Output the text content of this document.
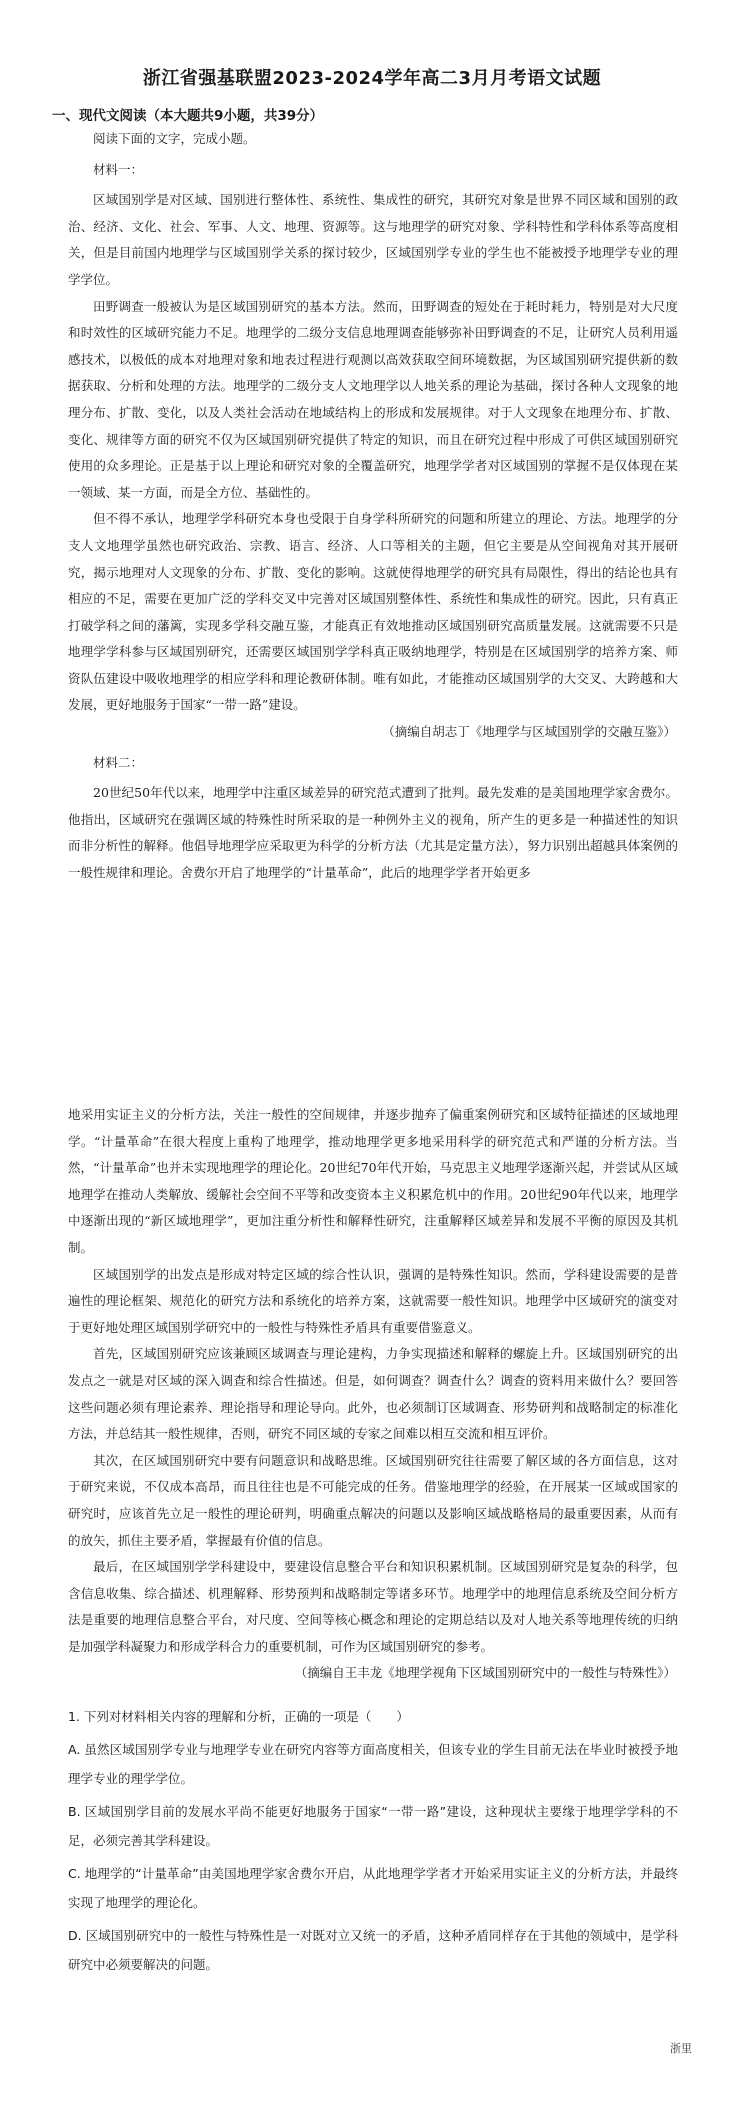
浙江省强基联盟2023-2024学年高二3月月考语文试题
一、现代文阅读（本大题共9小题，共39分）

阅读下面的文字，完成小题。

材料一：

区域国别学是对区域、国别进行整体性、系统性、集成性的研究，其研究对象是世界不同区域和国别的政治、经济、文化、社会、军事、人文、地理、资源等。这与地理学的研究对象、学科特性和学科体系等高度相关，但是目前国内地理学与区域国别学关系的探讨较少，区域国别学专业的学生也不能被授予地理学专业的理学学位。

田野调查一般被认为是区域国别研究的基本方法。然而，田野调查的短处在于耗时耗力，特别是对大尺度和时效性的区域研究能力不足。地理学的二级分支信息地理调查能够弥补田野调查的不足，让研究人员利用遥感技术，以极低的成本对地理对象和地表过程进行观测以高效获取空间环境数据，为区域国别研究提供新的数据获取、分析和处理的方法。地理学的二级分支人文地理学以人地关系的理论为基础，探讨各种人文现象的地理分布、扩散、变化，以及人类社会活动在地域结构上的形成和发展规律。对于人文现象在地理分布、扩散、变化、规律等方面的研究不仅为区域国别研究提供了特定的知识，而且在研究过程中形成了可供区域国别研究使用的众多理论。正是基于以上理论和研究对象的全覆盖研究，地理学学者对区域国别的掌握不是仅体现在某一领域、某一方面，而是全方位、基础性的。

但不得不承认，地理学学科研究本身也受限于自身学科所研究的问题和所建立的理论、方法。地理学的分支人文地理学虽然也研究政治、宗教、语言、经济、人口等相关的主题，但它主要是从空间视角对其开展研究，揭示地理对人文现象的分布、扩散、变化的影响。这就使得地理学的研究具有局限性，得出的结论也具有相应的不足，需要在更加广泛的学科交叉中完善对区域国别整体性、系统性和集成性的研究。因此，只有真正打破学科之间的藩篱，实现多学科交融互鉴，才能真正有效地推动区域国别研究高质量发展。这就需要不只是地理学学科参与区域国别研究，还需要区域国别学学科真正吸纳地理学，特别是在区域国别学的培养方案、师资队伍建设中吸收地理学的相应学科和理论教研体制。唯有如此，才能推动区域国别学的大交叉、大跨越和大发展，更好地服务于国家“一带一路”建设。

（摘编自胡志丁《地理学与区域国别学的交融互鉴》）

材料二：

20世纪50年代以来，地理学中注重区域差异的研究范式遭到了批判。最先发难的是美国地理学家舍费尔。他指出，区域研究在强调区域的特殊性时所采取的是一种例外主义的视角，所产生的更多是一种描述性的知识而非分析性的解释。他倡导地理学应采取更为科学的分析方法（尤其是定量方法），努力识别出超越具体案例的一般性规律和理论。舍费尔开启了地理学的“计量革命”，此后的地理学学者开始更多

地采用实证主义的分析方法，关注一般性的空间规律，并逐步抛弃了偏重案例研究和区域特征描述的区域地理学。“计量革命”在很大程度上重构了地理学，推动地理学更多地采用科学的研究范式和严谨的分析方法。当然，“计量革命”也并未实现地理学的理论化。20世纪70年代开始，马克思主义地理学逐渐兴起，并尝试从区域地理学在推动人类解放、缓解社会空间不平等和改变资本主义积累危机中的作用。20世纪90年代以来，地理学中逐渐出现的“新区域地理学”，更加注重分析性和解释性研究，注重解释区域差异和发展不平衡的原因及其机制。

区域国别学的出发点是形成对特定区域的综合性认识，强调的是特殊性知识。然而，学科建设需要的是普遍性的理论框架、规范化的研究方法和系统化的培养方案，这就需要一般性知识。地理学中区域研究的演变对于更好地处理区域国别学研究中的一般性与特殊性矛盾具有重要借鉴意义。

首先，区域国别研究应该兼顾区域调查与理论建构，力争实现描述和解释的螺旋上升。区域国别研究的出发点之一就是对区域的深入调查和综合性描述。但是，如何调查？调查什么？调查的资料用来做什么？要回答这些问题必须有理论素养、理论指导和理论导向。此外，也必须制订区域调查、形势研判和战略制定的标准化方法，并总结其一般性规律，否则，研究不同区域的专家之间难以相互交流和相互评价。

其次，在区域国别研究中要有问题意识和战略思维。区域国别研究往往需要了解区域的各方面信息，这对于研究来说，不仅成本高昂，而且往往也是不可能完成的任务。借鉴地理学的经验，在开展某一区域或国家的研究时，应该首先立足一般性的理论研判，明确重点解决的问题以及影响区域战略格局的最重要因素，从而有的放矢，抓住主要矛盾，掌握最有价值的信息。

最后，在区域国别学学科建设中，要建设信息整合平台和知识积累机制。区域国别研究是复杂的科学，包含信息收集、综合描述、机理解释、形势预判和战略制定等诸多环节。地理学中的地理信息系统及空间分析方法是重要的地理信息整合平台，对尺度、空间等核心概念和理论的定期总结以及对人地关系等地理传统的归纳是加强学科凝聚力和形成学科合力的重要机制，可作为区域国别研究的参考。

（摘编自王丰龙《地理学视角下区域国别研究中的一般性与特殊性》）

1. 下列对材料相关内容的理解和分析，正确的一项是（　　）

A. 虽然区域国别学专业与地理学专业在研究内容等方面高度相关，但该专业的学生目前无法在毕业时被授予地理学专业的理学学位。

B. 区域国别学目前的发展水平尚不能更好地服务于国家“一带一路”建设，这种现状主要缘于地理学学科的不足，必须完善其学科建设。

C. 地理学的“计量革命”由美国地理学家舍费尔开启，从此地理学学者才开始采用实证主义的分析方法，并最终实现了地理学的理论化。

D. 区域国别研究中的一般性与特殊性是一对既对立又统一的矛盾，这种矛盾同样存在于其他的领域中，是学科研究中必须要解决的问题。

浙里
